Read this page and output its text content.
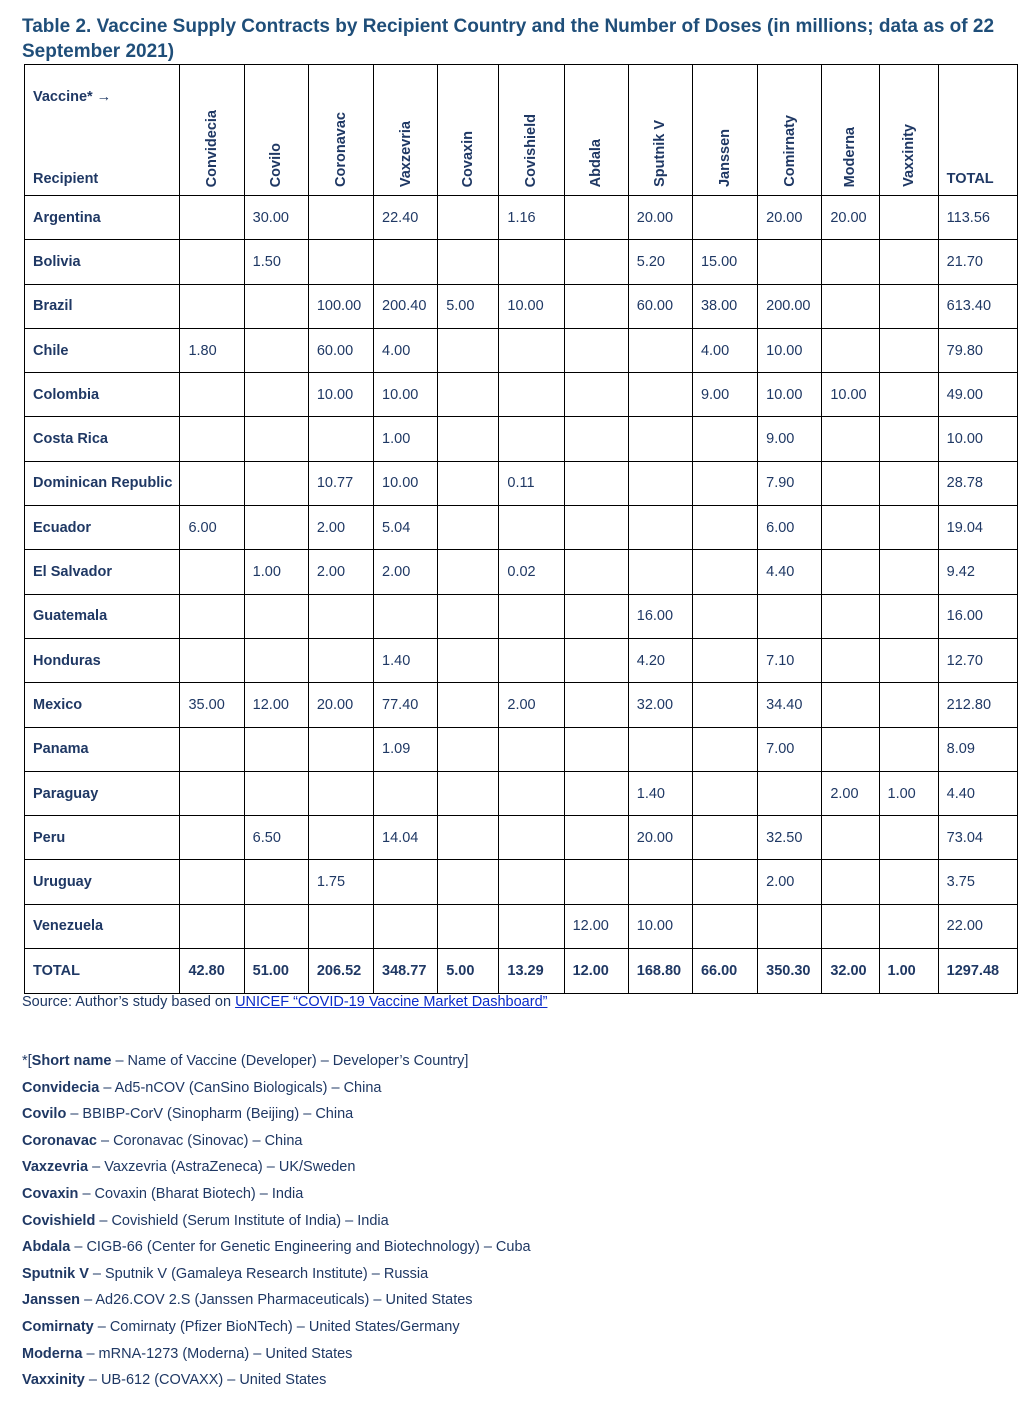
Table 2. Vaccine Supply Contracts by Recipient Country and the Number of Doses (in millions; data as of 22 September 2021)
Vaccine* →
Recipient	Convidecia	Covilo	Coronavac	Vaxzevria	Covaxin	Covishield	Abdala	Sputnik V	Janssen	Comirnaty	Moderna	Vaxxinity	TOTAL
Argentina		30.00		22.40		1.16		20.00		20.00	20.00		113.56
Bolivia		1.50						5.20	15.00				21.70
Brazil			100.00	200.40	5.00	10.00		60.00	38.00	200.00			613.40
Chile	1.80		60.00	4.00					4.00	10.00			79.80
Colombia			10.00	10.00					9.00	10.00	10.00		49.00
Costa Rica				1.00						9.00			10.00
Dominican Republic			10.77	10.00		0.11				7.90			28.78
Ecuador	6.00		2.00	5.04						6.00			19.04
El Salvador		1.00	2.00	2.00		0.02				4.40			9.42
Guatemala								16.00					16.00
Honduras				1.40				4.20		7.10			12.70
Mexico	35.00	12.00	20.00	77.40		2.00		32.00		34.40			212.80
Panama				1.09						7.00			8.09
Paraguay								1.40			2.00	1.00	4.40
Peru		6.50		14.04				20.00		32.50			73.04
Uruguay			1.75							2.00			3.75
Venezuela							12.00	10.00					22.00
TOTAL	42.80	51.00	206.52	348.77	5.00	13.29	12.00	168.80	66.00	350.30	32.00	1.00	1297.48
Source: Author’s study based on UNICEF “COVID-19 Vaccine Market Dashboard”
*[Short name – Name of Vaccine (Developer) – Developer’s Country]
Convidecia – Ad5-nCOV (CanSino Biologicals) – China
Covilo – BBIBP-CorV (Sinopharm (Beijing) – China
Coronavac – Coronavac (Sinovac) – China
Vaxzevria – Vaxzevria (AstraZeneca) – UK/Sweden
Covaxin – Covaxin (Bharat Biotech) – India
Covishield – Covishield (Serum Institute of India) – India
Abdala – CIGB-66 (Center for Genetic Engineering and Biotechnology) – Cuba
Sputnik V – Sputnik V (Gamaleya Research Institute) – Russia
Janssen – Ad26.COV 2.S (Janssen Pharmaceuticals) – United States
Comirnaty – Comirnaty (Pfizer BioNTech) – United States/Germany
Moderna – mRNA-1273 (Moderna) – United States
Vaxxinity – UB-612 (COVAXX) – United States
